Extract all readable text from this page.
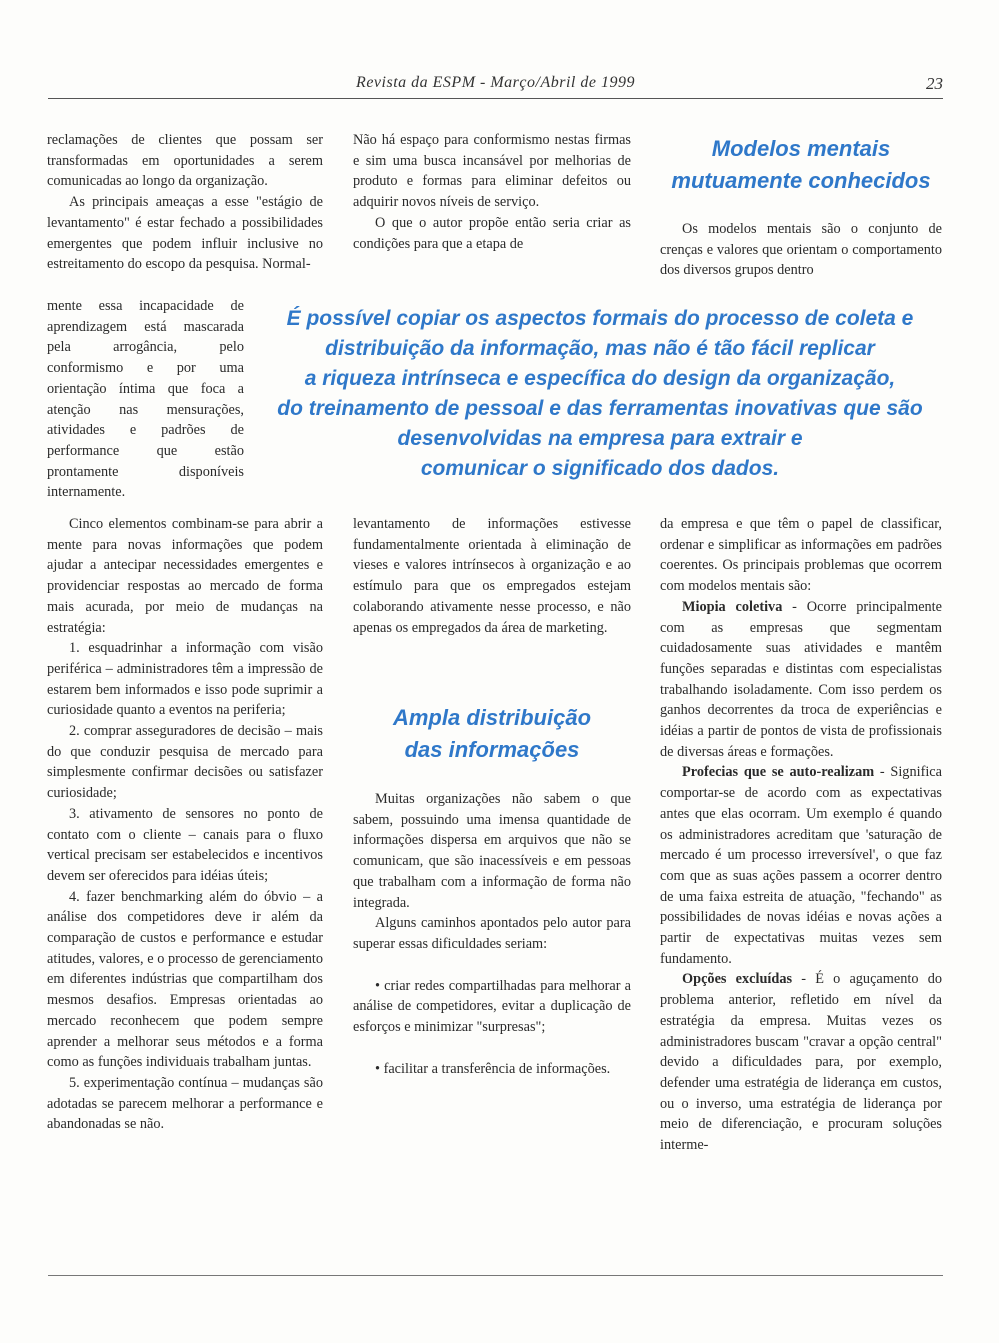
Revista da ESPM - Março/Abril de 1999	23

reclamações de clientes que possam ser transformadas em oportunidades a serem comunicadas ao longo da organização.

As principais ameaças a esse "estágio de levantamento" é estar fechado a possibilidades emergentes que podem influir inclusive no estreitamento do escopo da pesquisa. Normal-

mente essa incapacidade de aprendizagem está mascarada pela arrogância, pelo conformismo e por uma orientação íntima que foca a atenção nas mensurações, atividades e padrões de performance que estão prontamente disponíveis internamente.

Cinco elementos combinam-se para abrir a mente para novas informações que podem ajudar a antecipar necessidades emergentes e providenciar respostas ao mercado de forma mais acurada, por meio de mudanças na estratégia:

1. esquadrinhar a informação com visão periférica – administradores têm a impressão de estarem bem informados e isso pode suprimir a curiosidade quanto a eventos na periferia;

2. comprar asseguradores de decisão – mais do que conduzir pesquisa de mercado para simplesmente confirmar decisões ou satisfazer curiosidade;

3. ativamento de sensores no ponto de contato com o cliente – canais para o fluxo vertical precisam ser estabelecidos e incentivos devem ser oferecidos para idéias úteis;

4. fazer benchmarking além do óbvio – a análise dos competidores deve ir além da comparação de custos e performance e estudar atitudes, valores, e o processo de gerenciamento em diferentes indústrias que compartilham dos mesmos desafios. Empresas orientadas ao mercado reconhecem que podem sempre aprender a melhorar seus métodos e a forma como as funções individuais trabalham juntas.

5. experimentação contínua – mudanças são adotadas se parecem melhorar a performance e abandonadas se não.

Não há espaço para conformismo nestas firmas e sim uma busca incansável por melhorias de produto e formas para eliminar defeitos ou adquirir novos níveis de serviço.

O que o autor propõe então seria criar as condições para que a etapa de

levantamento de informações estivesse fundamentalmente orientada à eliminação de vieses e valores intrínsecos à organização e ao estímulo para que os empregados estejam colaborando ativamente nesse processo, e não apenas os empregados da área de marketing.

Ampla distribuição
das informações

Muitas organizações não sabem o que sabem, possuindo uma imensa quantidade de informações dispersa em arquivos que não se comunicam, que são inacessíveis e em pessoas que trabalham com a informação de forma não integrada.

Alguns caminhos apontados pelo autor para superar essas dificuldades seriam:

• criar redes compartilhadas para melhorar a análise de competidores, evitar a duplicação de esforços e minimizar "surpresas";

• facilitar a transferência de informações.

Modelos mentais
mutuamente conhecidos

Os modelos mentais são o conjunto de crenças e valores que orientam o comportamento dos diversos grupos dentro

da empresa e que têm o papel de classificar, ordenar e simplificar as informações em padrões coerentes. Os principais problemas que ocorrem com modelos mentais são:

Miopia coletiva - Ocorre principalmente com as empresas que segmentam cuidadosamente suas atividades e mantêm funções separadas e distintas com especialistas trabalhando isoladamente. Com isso perdem os ganhos decorrentes da troca de experiências e idéias a partir de pontos de vista de profissionais de diversas áreas e formações.

Profecias que se auto-realizam - Significa comportar-se de acordo com as expectativas antes que elas ocorram. Um exemplo é quando os administradores acreditam que 'saturação de mercado é um processo irreversível', o que faz com que as suas ações passem a ocorrer dentro de uma faixa estreita de atuação, "fechando" as possibilidades de novas idéias e novas ações a partir de expectativas muitas vezes sem fundamento.

Opções excluídas - É o aguçamento do problema anterior, refletido em nível da estratégia da empresa. Muitas vezes os administradores buscam "cravar a opção central" devido a dificuldades para, por exemplo, defender uma estratégia de liderança em custos, ou o inverso, uma estratégia de liderança por meio de diferenciação, e procuram soluções interme-

É possível copiar os aspectos formais do processo de coleta e
distribuição da informação, mas não é tão fácil replicar
a riqueza intrínseca e específica do design da organização,
do treinamento de pessoal e das ferramentas inovativas que são
desenvolvidas na empresa para extrair e
comunicar o significado dos dados.
